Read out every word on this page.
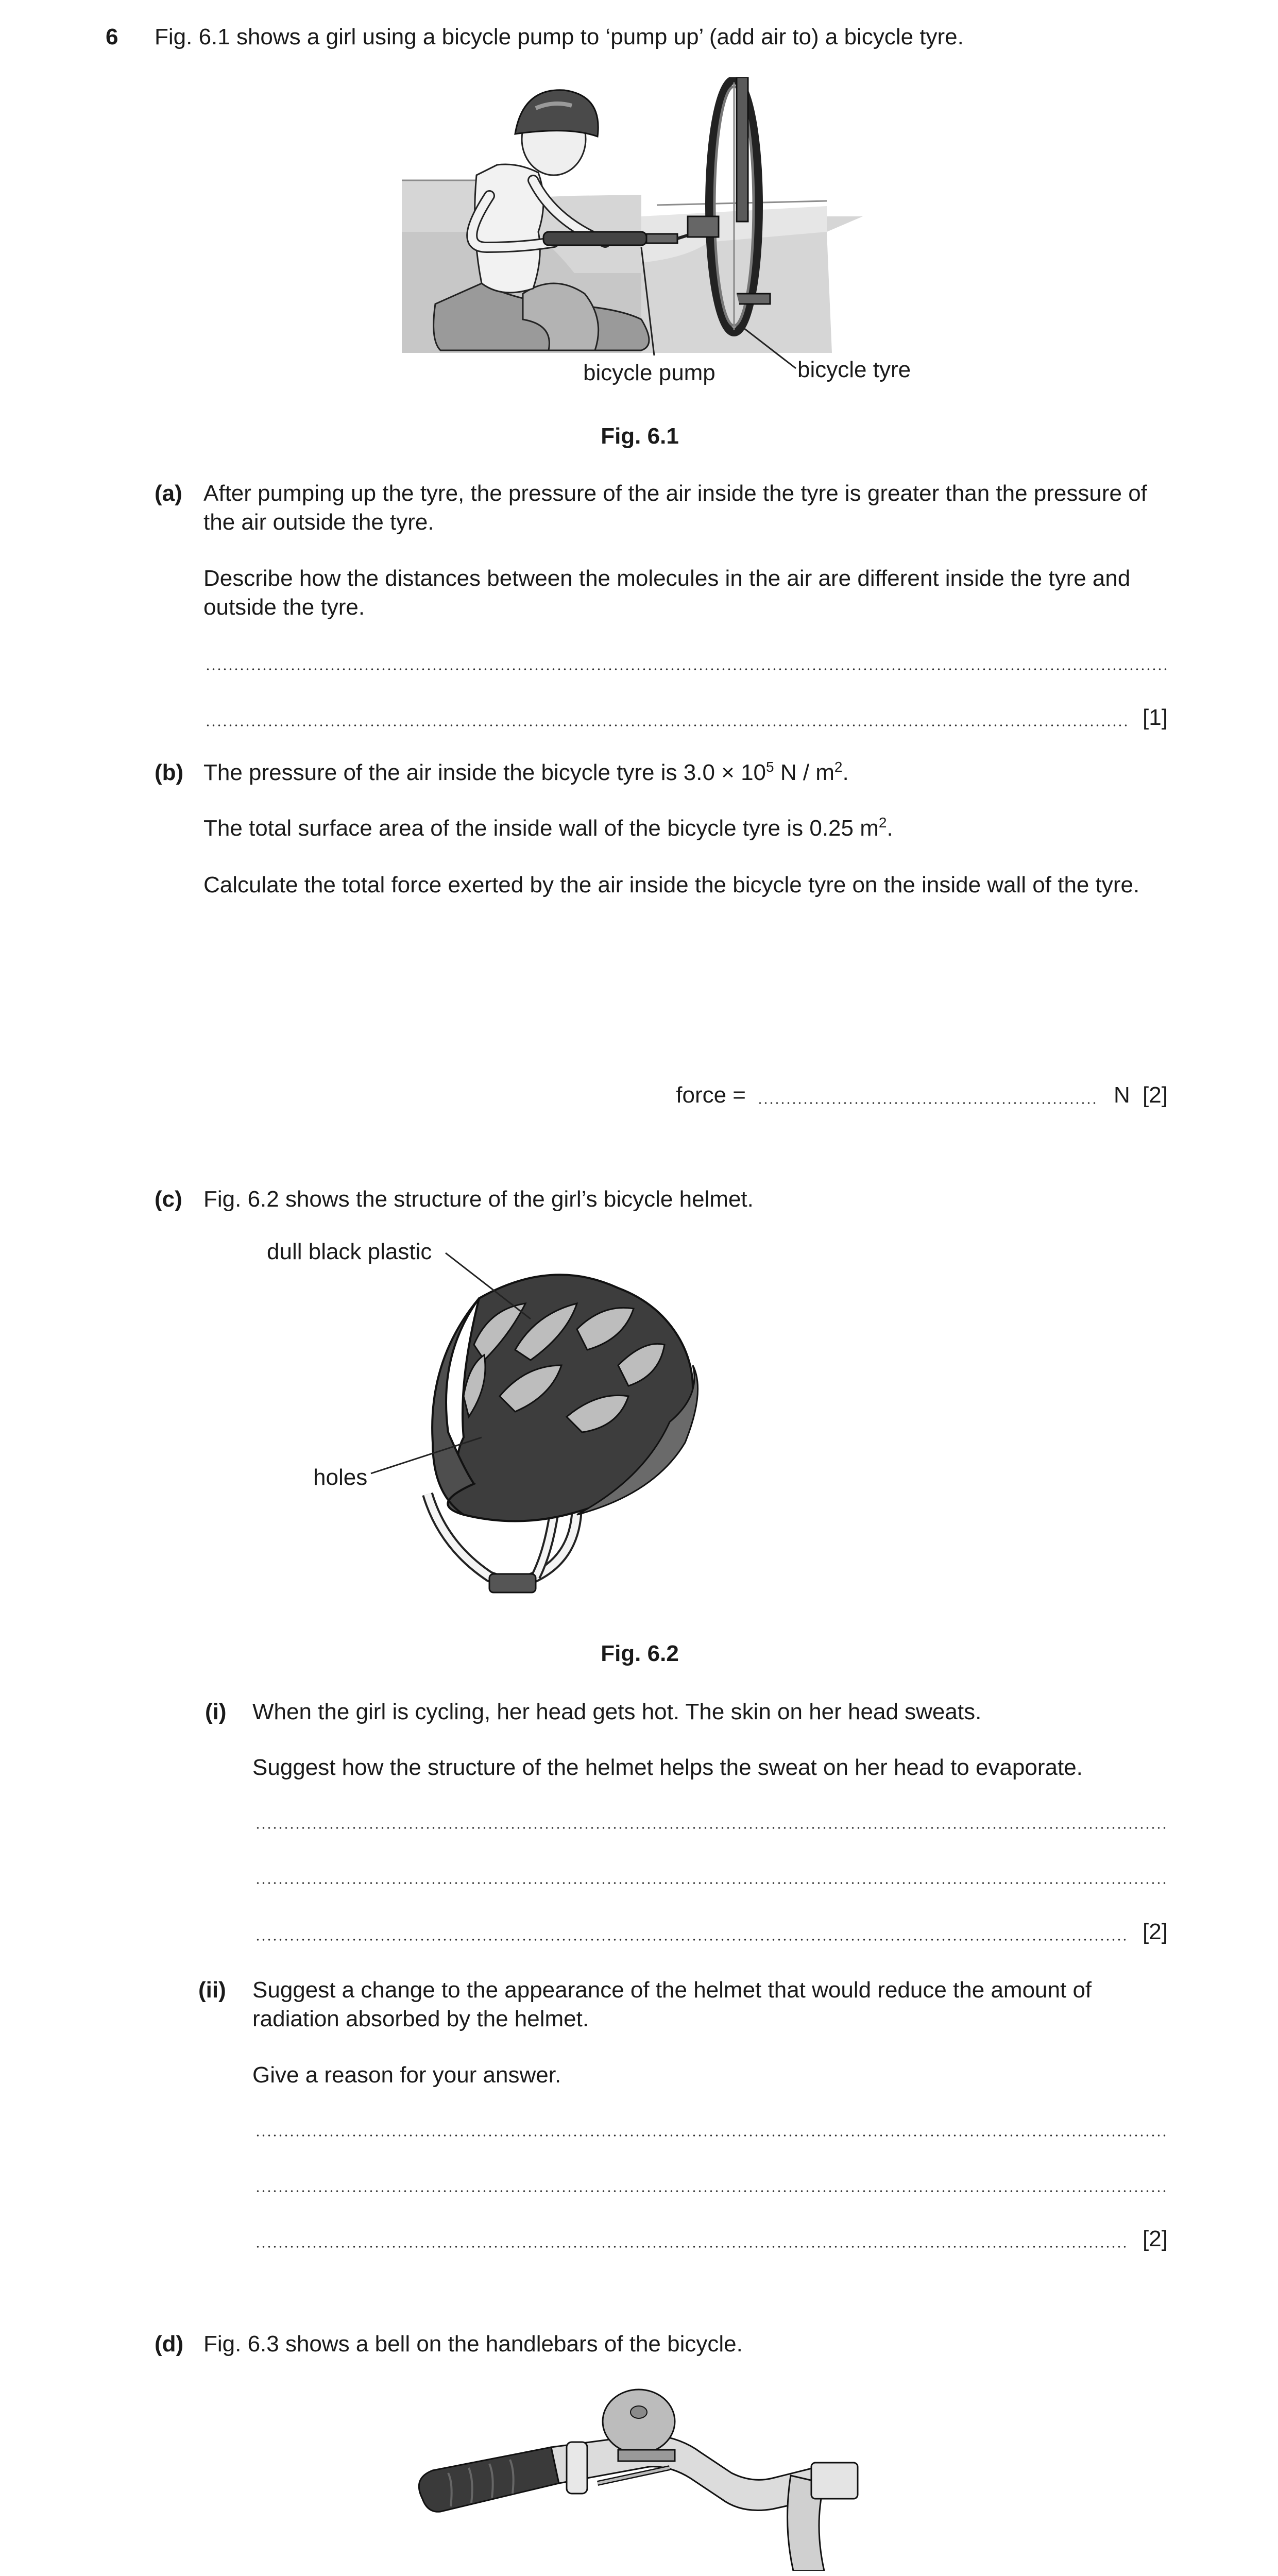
6 Fig. 6.1 shows a girl using a bicycle pump to ‘pump up’ (add air to) a bicycle tyre.
bicycle pump	bicycle tyre
Fig. 6.1
(a) After pumping up the tyre, the pressure of the air inside the tyre is greater than the pressure of the air outside the tyre.
Describe how the distances between the molecules in the air are different inside the tyre and outside the tyre.
[1]
(b) The pressure of the air inside the bicycle tyre is $3.0 \times 10^5$ N / $m^2$.
The total surface area of the inside wall of the bicycle tyre is 0.25 $m^2$.
Calculate the total force exerted by the air inside the bicycle tyre on the inside wall of the tyre.
force =	N [2]
(c) Fig. 6.2 shows the structure of the girl’s bicycle helmet.
dull black plastic
holes
Fig. 6.2
(i) When the girl is cycling, her head gets hot. The skin on her head sweats.
Suggest how the structure of the helmet helps the sweat on her head to evaporate.
[2]
(ii) Suggest a change to the appearance of the helmet that would reduce the amount of radiation absorbed by the helmet.
Give a reason for your answer.
[2]
(d) Fig. 6.3 shows a bell on the handlebars of the bicycle.
